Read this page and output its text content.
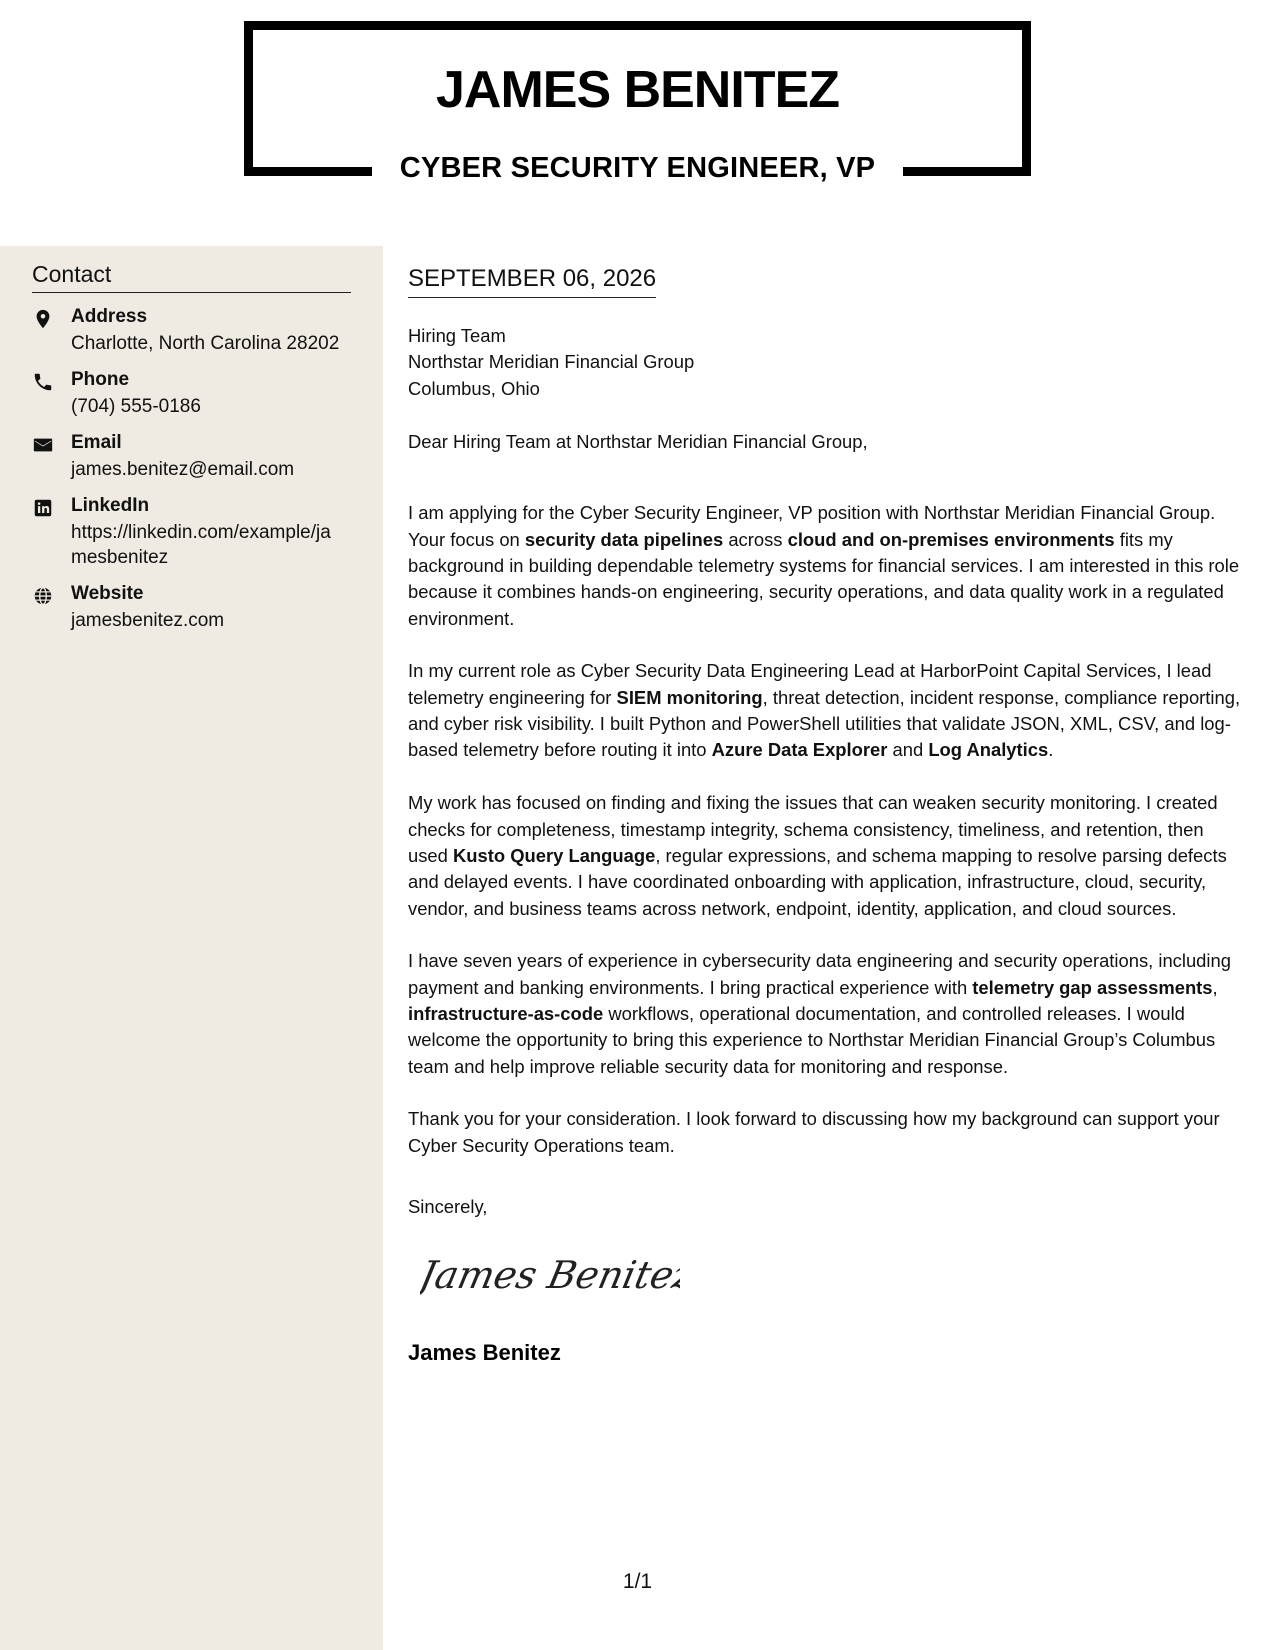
JAMES BENITEZ
CYBER SECURITY ENGINEER, VP
Contact
Address
Charlotte, North Carolina 28202
Phone
(704) 555-0186
Email
james.benitez@email.com
LinkedIn
https://linkedin.com/example/jamesbenitez
Website
jamesbenitez.com
SEPTEMBER 06, 2026
Hiring Team
Northstar Meridian Financial Group
Columbus, Ohio
Dear Hiring Team at Northstar Meridian Financial Group,

I am applying for the Cyber Security Engineer, VP position with Northstar Meridian Financial Group. Your focus on security data pipelines across cloud and on-premises environments fits my background in building dependable telemetry systems for financial services. I am interested in this role because it combines hands-on engineering, security operations, and data quality work in a regulated environment.

In my current role as Cyber Security Data Engineering Lead at HarborPoint Capital Services, I lead telemetry engineering for SIEM monitoring, threat detection, incident response, compliance reporting, and cyber risk visibility. I built Python and PowerShell utilities that validate JSON, XML, CSV, and log-based telemetry before routing it into Azure Data Explorer and Log Analytics.

My work has focused on finding and fixing the issues that can weaken security monitoring. I created checks for completeness, timestamp integrity, schema consistency, timeliness, and retention, then used Kusto Query Language, regular expressions, and schema mapping to resolve parsing defects and delayed events. I have coordinated onboarding with application, infrastructure, cloud, security, vendor, and business teams across network, endpoint, identity, application, and cloud sources.

I have seven years of experience in cybersecurity data engineering and security operations, including payment and banking environments. I bring practical experience with telemetry gap assessments, infrastructure-as-code workflows, operational documentation, and controlled releases. I would welcome the opportunity to bring this experience to Northstar Meridian Financial Group’s Columbus team and help improve reliable security data for monitoring and response.

Thank you for your consideration. I look forward to discussing how my background can support your Cyber Security Operations team.

Sincerely,
James Benitez
James Benitez
1/1
